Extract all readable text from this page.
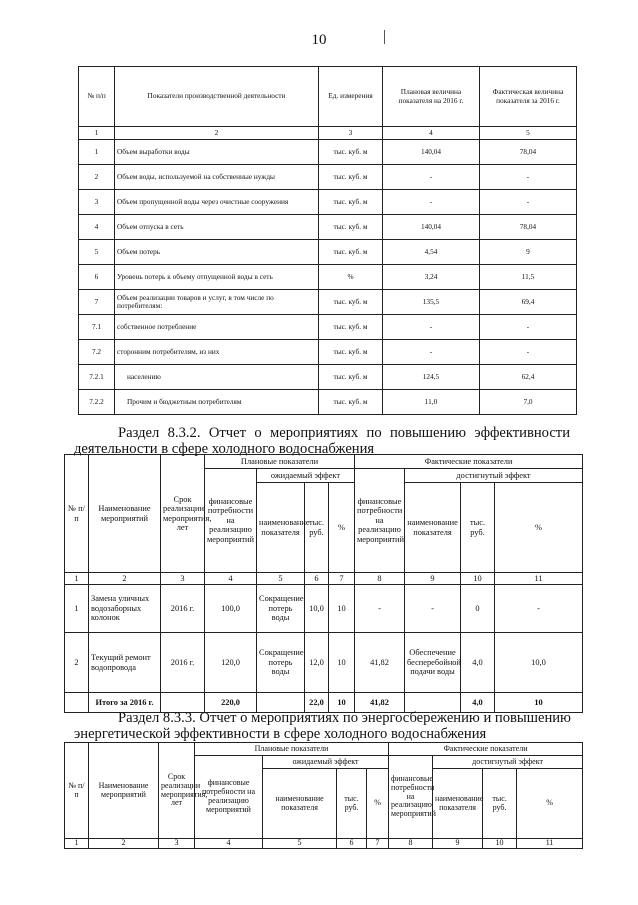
10
№ п/п	Показатели производственной деятельности	Ед. измерения	Плановая величина показателя на 2016 г.	Фактическая величина показателя за 2016 г.
1	2	3	4	5
1	Объем выработки воды	тыс. куб. м	140,04	78,04
2	Объем воды, используемой на собственные нужды	тыс. куб. м	-	-
3	Объем пропущенной воды через очистные сооружения	тыс. куб. м	-	-
4	Объем отпуска в сеть	тыс. куб. м	140,04	78,04
5	Объем потерь	тыс. куб. м	4,54	9
6	Уровень потерь к объему отпущенной воды в сеть	%	3,24	11,5
7	Объем реализации товаров и услуг, в том числе по потребителям:	тыс. куб. м	135,5	69,4
7.1	собственное потребление	тыс. куб. м	-	-
7.2	сторонним потребителям, из них	тыс. куб. м	-	-
7.2.1	населению	тыс. куб. м	124,5	62,4
7.2.2	Прочим и бюджетным потребителям	тыс. куб. м	11,0	7,0
Раздел 8.3.2. Отчет о мероприятиях по повышению эффективности
деятельности в сфере холодного водоснабжения
№ п/ п	Наименование мероприятий	Срок реализации мероприятия, лет	Плановые показатели				Фактические показатели			
			финансовые потребности на реализацию мероприятий	ожидаемый эффект			финансовые потребности на реализацию мероприятий	достигнутый эффект		
				наименование показателя	тыс. руб.	%		наименование показателя	тыс. руб.	%
1	2	3	4	5	6	7	8	9	10	11
1	Замена уличных водозаборных колонок	2016 г.	100,0	Сокращение потерь воды	10,0	10	-	-	0	-
2	Текущий ремонт водопровода	2016 г.	120,0	Сокращение потерь воды	12,0	10	41,82	Обеспечение бесперебойной подачи воды	4,0	10,0
	Итого за 2016 г.		220,0		22,0	10	41,82		4,0	10
Раздел 8.3.3. Отчет о мероприятиях по энергосбережению и повышению
энергетической эффективности в сфере холодного водоснабжения
№ п/ п	Наименование мероприятий	Срок реализации мероприятия, лет	Плановые показатели				Фактические показатели			
			финансовые потребности на реализацию мероприятий	ожидаемый эффект			финансовые потребности на реализацию мероприятий	достигнутый эффект		
				наименование показателя	тыс. руб.	%		наименование показателя	тыс. руб.	%
1	2	3	4	5	6	7	8	9	10	11
